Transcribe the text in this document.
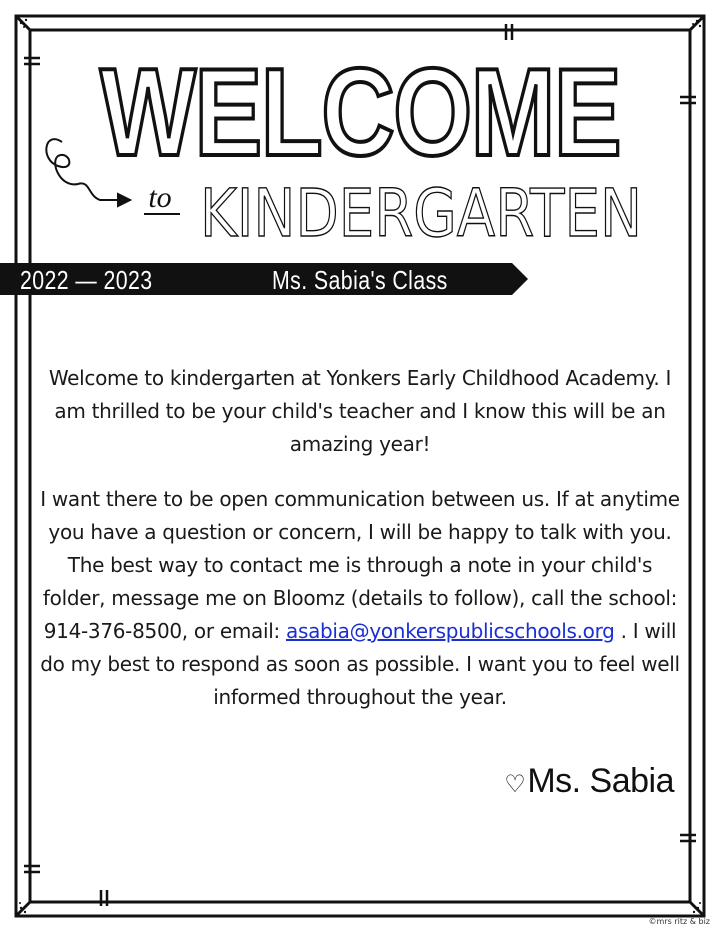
WELCOME
to KINDERGARTEN
2022 — 2023	Ms. Sabia's Class
Welcome to kindergarten at Yonkers Early Childhood Academy. I am thrilled to be your child's teacher and I know this will be an amazing year!
I want there to be open communication between us. If at anytime you have a question or concern, I will be happy to talk with you. The best way to contact me is through a note in your child's folder, message me on Bloomz (details to follow), call the school: 914-376-8500, or email: asabia@yonkerspublicschools.org . I will do my best to respond as soon as possible. I want you to feel well informed throughout the year.
♡Ms. Sabia
©mrs ritz & biz
